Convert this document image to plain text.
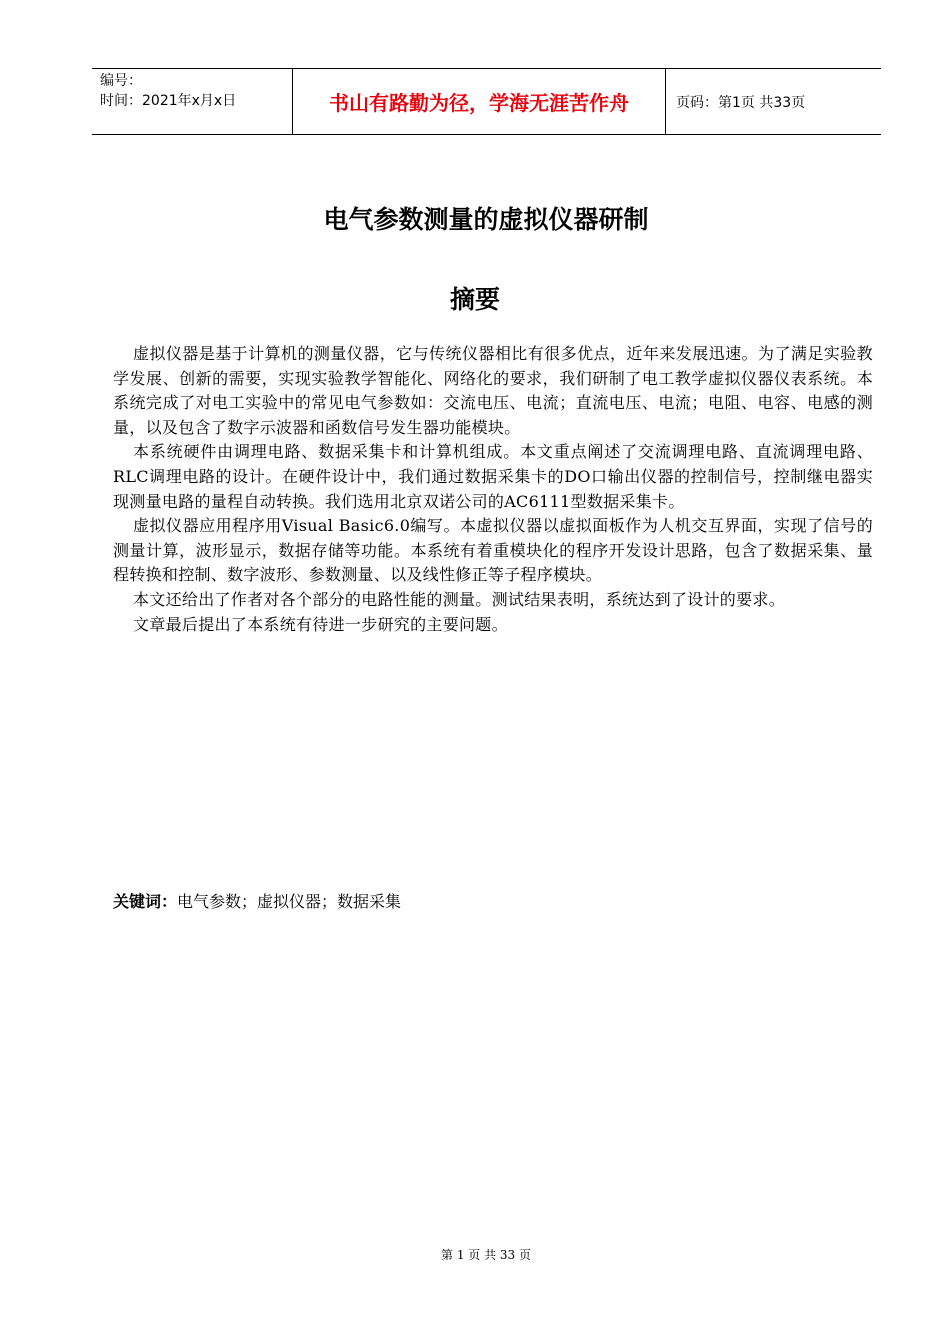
编号：
时间：2021年x月x日	书山有路勤为径，学海无涯苦作舟	页码：第1页 共33页
电气参数测量的虚拟仪器研制
摘要

虚拟仪器是基于计算机的测量仪器，它与传统仪器相比有很多优点，近年来发展迅速。为了满足实验教学发展、创新的需要，实现实验教学智能化、网络化的要求，我们研制了电工教学虚拟仪器仪表系统。本系统完成了对电工实验中的常见电气参数如：交流电压、电流；直流电压、电流；电阻、电容、电感的测量，以及包含了数字示波器和函数信号发生器功能模块。

本系统硬件由调理电路、数据采集卡和计算机组成。本文重点阐述了交流调理电路、直流调理电路、RLC调理电路的设计。在硬件设计中，我们通过数据采集卡的DO口输出仪器的控制信号，控制继电器实现测量电路的量程自动转换。我们选用北京双诺公司的AC6111型数据采集卡。

虚拟仪器应用程序用Visual Basic6.0编写。本虚拟仪器以虚拟面板作为人机交互界面，实现了信号的测量计算，波形显示，数据存储等功能。本系统有着重模块化的程序开发设计思路，包含了数据采集、量程转换和控制、数字波形、参数测量、以及线性修正等子程序模块。

本文还给出了作者对各个部分的电路性能的测量。测试结果表明，系统达到了设计的要求。

文章最后提出了本系统有待进一步研究的主要问题。

关键词：电气参数；虚拟仪器；数据采集
第 1 页 共 33 页
